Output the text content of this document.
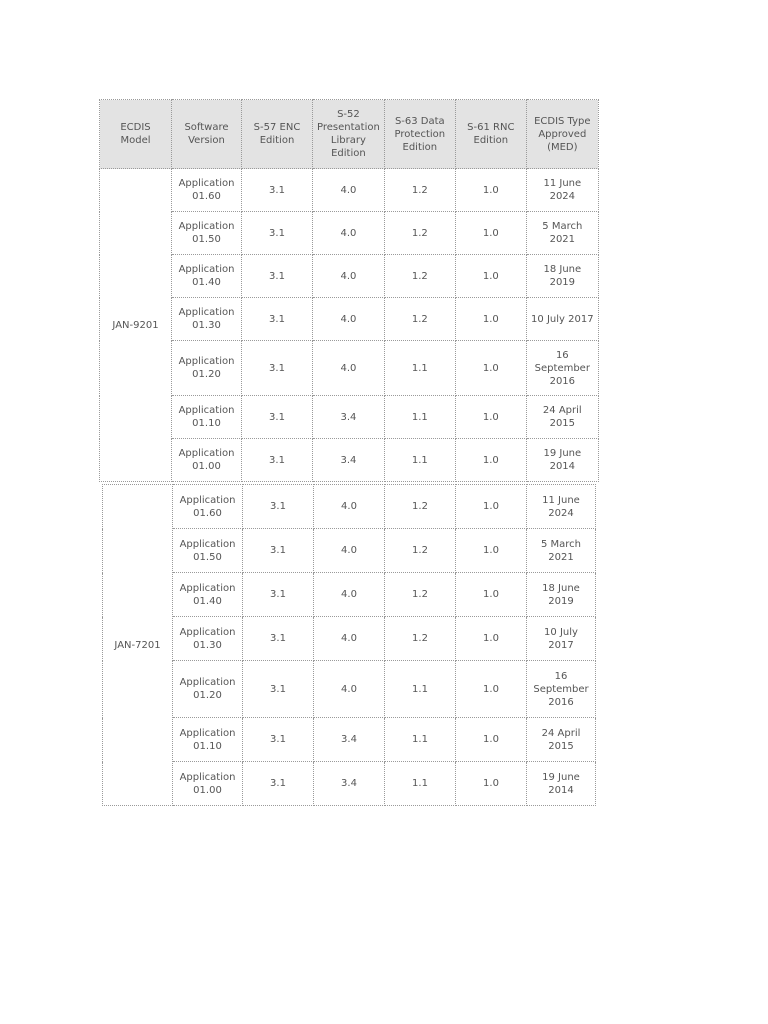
ECDIS Model	Software Version	S-57 ENC Edition	S-52 Presentation Library Edition	S-63 Data Protection Edition	S-61 RNC Edition	ECDIS Type Approved (MED)
JAN-9201	Application 01.60	3.1	4.0	1.2	1.0	11 June 2024
	Application 01.50	3.1	4.0	1.2	1.0	5 March 2021
	Application 01.40	3.1	4.0	1.2	1.0	18 June 2019
	Application 01.30	3.1	4.0	1.2	1.0	10 July 2017
	Application 01.20	3.1	4.0	1.1	1.0	16 September 2016
	Application 01.10	3.1	3.4	1.1	1.0	24 April 2015
	Application 01.00	3.1	3.4	1.1	1.0	19 June 2014
JAN-7201	Application 01.60	3.1	4.0	1.2	1.0	11 June 2024
	Application 01.50	3.1	4.0	1.2	1.0	5 March 2021
	Application 01.40	3.1	4.0	1.2	1.0	18 June 2019
	Application 01.30	3.1	4.0	1.2	1.0	10 July 2017
	Application 01.20	3.1	4.0	1.1	1.0	16 September 2016
	Application 01.10	3.1	3.4	1.1	1.0	24 April 2015
	Application 01.00	3.1	3.4	1.1	1.0	19 June 2014
